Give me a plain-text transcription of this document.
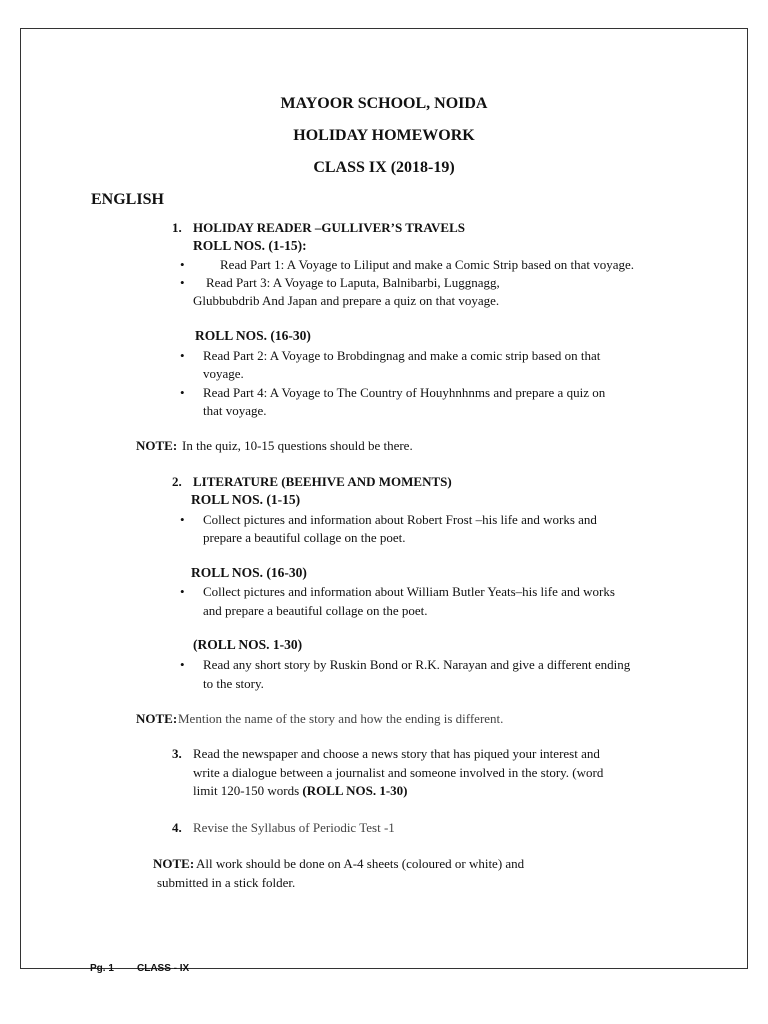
MAYOOR SCHOOL, NOIDA
HOLIDAY HOMEWORK
CLASS IX (2018-19)
ENGLISH
1. HOLIDAY READER –GULLIVER’S TRAVELS
ROLL NOS. (1-15):
•	Read Part 1: A Voyage to Liliput and make a Comic Strip based on that voyage.
• Read Part 3: A Voyage to Laputa, Balnibarbi, Luggnagg,
Glubbubdrib And Japan and prepare a quiz on that voyage.
ROLL NOS. (16-30)
• Read Part 2: A Voyage to Brobdingnag and make a comic strip based on that
voyage.
• Read Part 4: A Voyage to The Country of Houyhnhnms and prepare a quiz on
that voyage.
NOTE: In the quiz, 10-15 questions should be there.
2. LITERATURE (BEEHIVE AND MOMENTS)
ROLL NOS. (1-15)
• Collect pictures and information about Robert Frost –his life and works and
prepare a beautiful collage on the poet.
ROLL NOS. (16-30)
• Collect pictures and information about William Butler Yeats–his life and works
and prepare a beautiful collage on the poet.
(ROLL NOS. 1-30)
• Read any short story by Ruskin Bond or R.K. Narayan and give a different ending
to the story.
NOTE: Mention the name of the story and how the ending is different.
3. Read the newspaper and choose a news story that has piqued your interest and
write a dialogue between a journalist and someone involved in the story. (word
limit 120-150 words (ROLL NOS. 1-30)
4. Revise the Syllabus of Periodic Test -1
NOTE: All work should be done on A-4 sheets (coloured or white) and
submitted in a stick folder.
Pg. 1 CLASS - IX
